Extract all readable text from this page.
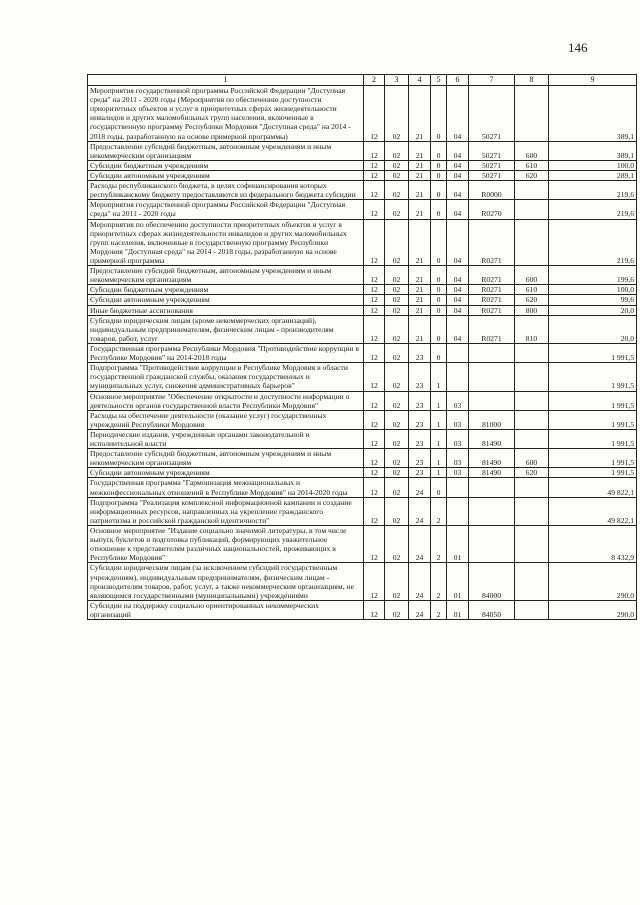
146
1	2	3	4	5	6	7	8	9
Мероприятия государственной программы Российской Федерации "Доступная среда" на 2011 - 2020 годы (Мероприятия по обеспечению доступности приоритетных объектов и услуг в приоритетных сферах жизнедеятельности инвалидов и других маломобильных групп населения, включенные в государственную программу Республики Мордовия "Доступная среда" на 2014 - 2018 годы, разработанную на основе примерной программы)	12	02	21	0	04	50271		389,1
Предоставление субсидий бюджетным, автономным учреждениям и иным некоммерческим организациям	12	02	21	0	04	50271	600	389,1
Субсидии бюджетным учреждениям	12	02	21	0	04	50271	610	100,0
Субсидии автономным учреждениям	12	02	21	0	04	50271	620	289,1
Расходы республиканского бюджета, в целях софинансирования которых республиканскому бюджету предоставляются из федерального бюджета субсидии	12	02	21	0	04	R0000		219,6
Мероприятия государственной программы Российской Федерации "Доступная среда" на 2011 - 2020 годы	12	02	21	0	04	R0270		219,6
Мероприятия по обеспечению доступности приоритетных объектов и услуг в приоритетных сферах жизнедеятельности инвалидов и других маломобильных групп населения, включенные в государственную программу Республики Мордовия "Доступная среда" на 2014 - 2018 годы, разработанную на основе примерной программы	12	02	21	0	04	R0271		219,6
Предоставление субсидий бюджетным, автономным учреждениям и иным некоммерческим организациям	12	02	21	0	04	R0271	600	199,6
Субсидии бюджетным учреждениям	12	02	21	0	04	R0271	610	100,0
Субсидии автономным учреждениям	12	02	21	0	04	R0271	620	99,6
Иные бюджетные ассигнования	12	02	21	0	04	R0271	800	20,0
Субсидии юридическим лицам (кроме некоммерческих организаций), индивидуальным предпринимателям, физическим лицам - производителям товаров, работ, услуг	12	02	21	0	04	R0271	810	20,0
Государственная программа Республики Мордовия "Противодействие коррупции в Республике Мордовия" на 2014-2018 годы	12	02	23	0				1 991,5
Подпрограмма "Противодействие коррупции в Республике Мордовия в области государственной гражданской службы, оказания государственных и муниципальных услуг, снижения административных барьеров"	12	02	23	1				1 991,5
Основное мероприятие "Обеспечение открытости и доступности информации о деятельности органов государственной власти Республики Мордовия"	12	02	23	1	03			1 991,5
Расходы на обеспечение деятельности (оказание услуг) государственных учреждений Республики Мордовия	12	02	23	1	03	81000		1 991,5
Периодические издания, учрежденные органами законодательной и исполнительной власти	12	02	23	1	03	81490		1 991,5
Предоставление субсидий бюджетным, автономным учреждениям и иным некоммерческим организациям	12	02	23	1	03	81490	600	1 991,5
Субсидии автономным учреждениям	12	02	23	1	03	81490	620	1 991,5
Государственная программа "Гармонизация межнациональных и межконфессиональных отношений в Республике Мордовия" на 2014-2020 годы	12	02	24	0				49 822,1
Подпрограмма "Реализация комплексной информационной кампании и создание информационных ресурсов, направленных на укрепление гражданского патриотизма и российской гражданской идентичности"	12	02	24	2				49 822,1
Основное мероприятие "Издание социально значимой литературы, в том числе выпуск буклетов и подготовка публикаций, формирующих уважительное отношение к представителям различных национальностей, проживающих в Республике Мордовия"	12	02	24	2	01			8 432,9
Субсидии юридическим лицам (за исключением субсидий государственным учреждениям), индивидуальным предпринимателям, физическим лицам - производителям товаров, работ, услуг, а также некоммерческим организациям, не являющимся государственными (муниципальными) учреждениями	12	02	24	2	01	84000		290,0
Субсидии на поддержку социально ориентированных некоммерческих организаций	12	02	24	2	01	84050		290,0
